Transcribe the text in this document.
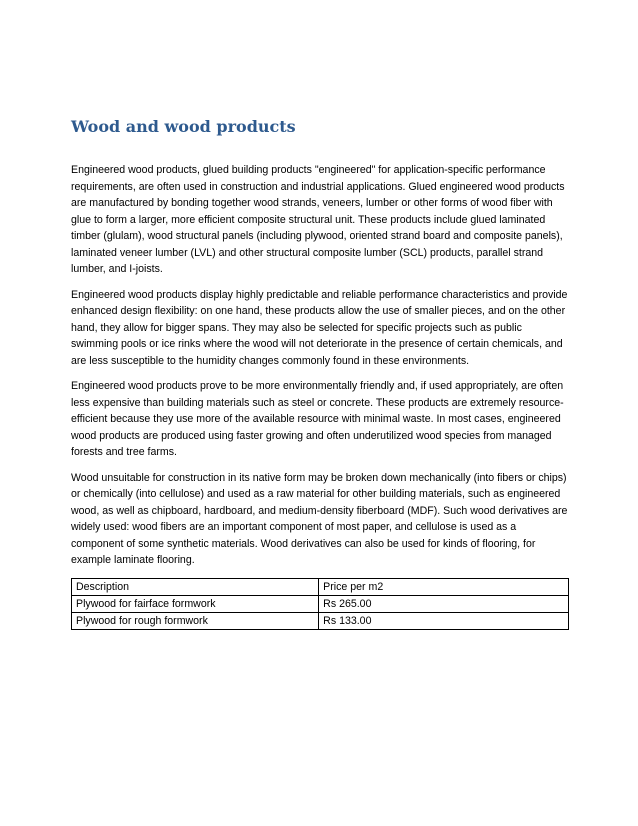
Wood and wood products

Engineered wood products, glued building products "engineered" for application-specific performance requirements, are often used in construction and industrial applications. Glued engineered wood products are manufactured by bonding together wood strands, veneers, lumber or other forms of wood fiber with glue to form a larger, more efficient composite structural unit. These products include glued laminated timber (glulam), wood structural panels (including plywood, oriented strand board and composite panels), laminated veneer lumber (LVL) and other structural composite lumber (SCL) products, parallel strand lumber, and I-joists.

Engineered wood products display highly predictable and reliable performance characteristics and provide enhanced design flexibility: on one hand, these products allow the use of smaller pieces, and on the other hand, they allow for bigger spans. They may also be selected for specific projects such as public swimming pools or ice rinks where the wood will not deteriorate in the presence of certain chemicals, and are less susceptible to the humidity changes commonly found in these environments.

Engineered wood products prove to be more environmentally friendly and, if used appropriately, are often less expensive than building materials such as steel or concrete. These products are extremely resource-efficient because they use more of the available resource with minimal waste. In most cases, engineered wood products are produced using faster growing and often underutilized wood species from managed forests and tree farms.

Wood unsuitable for construction in its native form may be broken down mechanically (into fibers or chips) or chemically (into cellulose) and used as a raw material for other building materials, such as engineered wood, as well as chipboard, hardboard, and medium-density fiberboard (MDF). Such wood derivatives are widely used: wood fibers are an important component of most paper, and cellulose is used as a component of some synthetic materials. Wood derivatives can also be used for kinds of flooring, for example laminate flooring.

Description	Price per m2
Plywood for fairface formwork	Rs 265.00
Plywood for rough formwork	Rs 133.00
